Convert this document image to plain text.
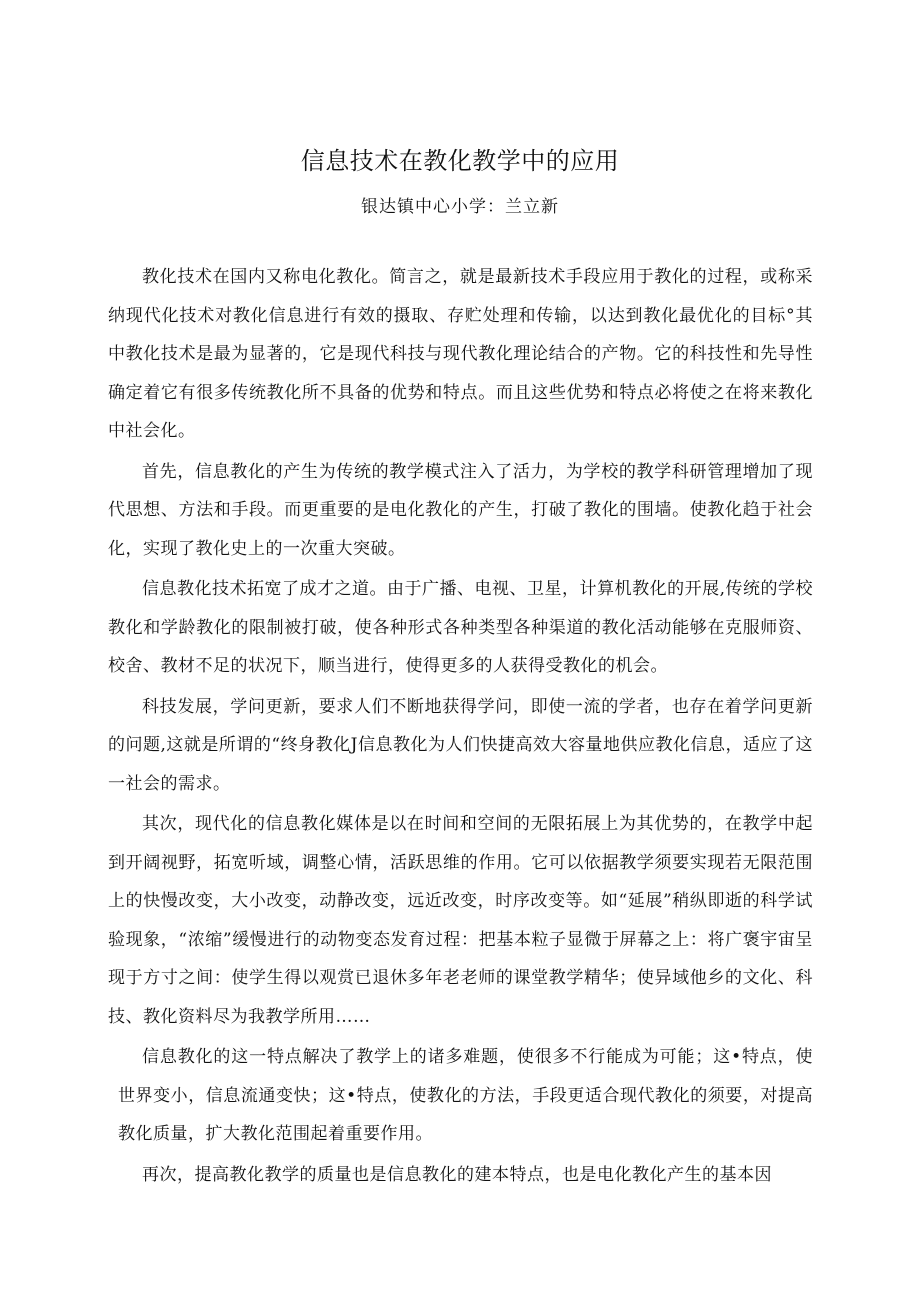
信息技术在教化教学中的应用
银达镇中心小学：兰立新

教化技术在国内又称电化教化。简言之，就是最新技术手段应用于教化的过程，或称采纳现代化技术对教化信息进行有效的摄取、存贮处理和传输，以达到教化最优化的目标°其中教化技术是最为显著的，它是现代科技与现代教化理论结合的产物。它的科技性和先导性确定着它有很多传统教化所不具备的优势和特点。而且这些优势和特点必将使之在将来教化中社会化。

首先，信息教化的产生为传统的教学模式注入了活力，为学校的教学科研管理增加了现代思想、方法和手段。而更重要的是电化教化的产生，打破了教化的围墙。使教化趋于社会化，实现了教化史上的一次重大突破。

信息教化技术拓宽了成才之道。由于广播、电视、卫星，计算机教化的开展,传统的学校教化和学龄教化的限制被打破，使各种形式各种类型各种渠道的教化活动能够在克服师资、校舍、教材不足的状况下，顺当进行，使得更多的人获得受教化的机会。

科技发展，学问更新，要求人们不断地获得学问，即使一流的学者，也存在着学问更新的问题,这就是所谓的“终身教化J信息教化为人们快捷高效大容量地供应教化信息，适应了这一社会的需求。

其次，现代化的信息教化媒体是以在时间和空间的无限拓展上为其优势的，在教学中起到开阔视野，拓宽听域，调整心情，活跃思维的作用。它可以依据教学须要实现若无限范围上的快慢改变，大小改变，动静改变，远近改变，时序改变等。如“延展”稍纵即逝的科学试验现象，“浓缩”缓慢进行的动物变态发育过程：把基本粒子显微于屏幕之上：将广褒宇宙呈现于方寸之间：使学生得以观赏已退休多年老老师的课堂教学精华；使异域他乡的文化、科技、教化资料尽为我教学所用……

信息教化的这一特点解决了教学上的诸多难题，使很多不行能成为可能；这•特点，使世界变小，信息流通变快；这•特点，使教化的方法，手段更适合现代教化的须要，对提高教化质量，扩大教化范围起着重要作用。

再次，提高教化教学的质量也是信息教化的建本特点，也是电化教化产生的基本因
